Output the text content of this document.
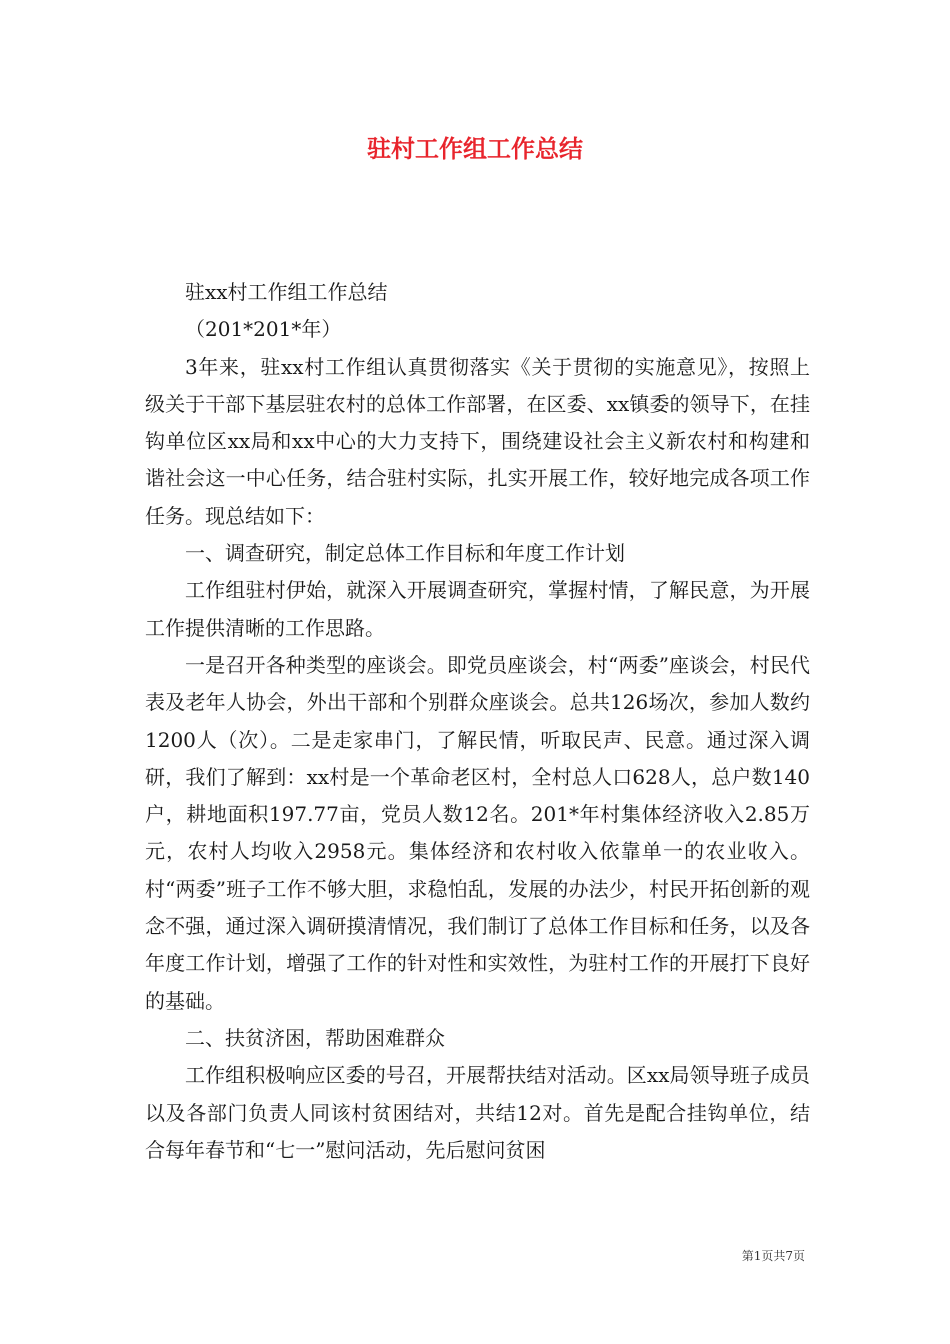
驻村工作组工作总结

驻xx村工作组工作总结

（201*201*年）

3年来，驻xx村工作组认真贯彻落实《关于贯彻的实施意见》，按照上级关于干部下基层驻农村的总体工作部署，在区委、xx镇委的领导下，在挂钩单位区xx局和xx中心的大力支持下，围绕建设社会主义新农村和构建和谐社会这一中心任务，结合驻村实际，扎实开展工作，较好地完成各项工作任务。现总结如下：

一、调查研究，制定总体工作目标和年度工作计划

工作组驻村伊始，就深入开展调查研究，掌握村情，了解民意，为开展工作提供清晰的工作思路。

一是召开各种类型的座谈会。即党员座谈会，村“两委”座谈会，村民代表及老年人协会，外出干部和个别群众座谈会。总共126场次，参加人数约1200人（次）。二是走家串门，了解民情，听取民声、民意。通过深入调研，我们了解到：xx村是一个革命老区村，全村总人口628人，总户数140户，耕地面积197.77亩，党员人数12名。201*年村集体经济收入2.85万元，农村人均收入2958元。集体经济和农村收入依靠单一的农业收入。村“两委”班子工作不够大胆，求稳怕乱，发展的办法少，村民开拓创新的观念不强，通过深入调研摸清情况，我们制订了总体工作目标和任务，以及各年度工作计划，增强了工作的针对性和实效性，为驻村工作的开展打下良好的基础。

二、扶贫济困，帮助困难群众

工作组积极响应区委的号召，开展帮扶结对活动。区xx局领导班子成员以及各部门负责人同该村贫困结对，共结12对。首先是配合挂钩单位，结合每年春节和“七一”慰问活动，先后慰问贫困

第1页共7页
